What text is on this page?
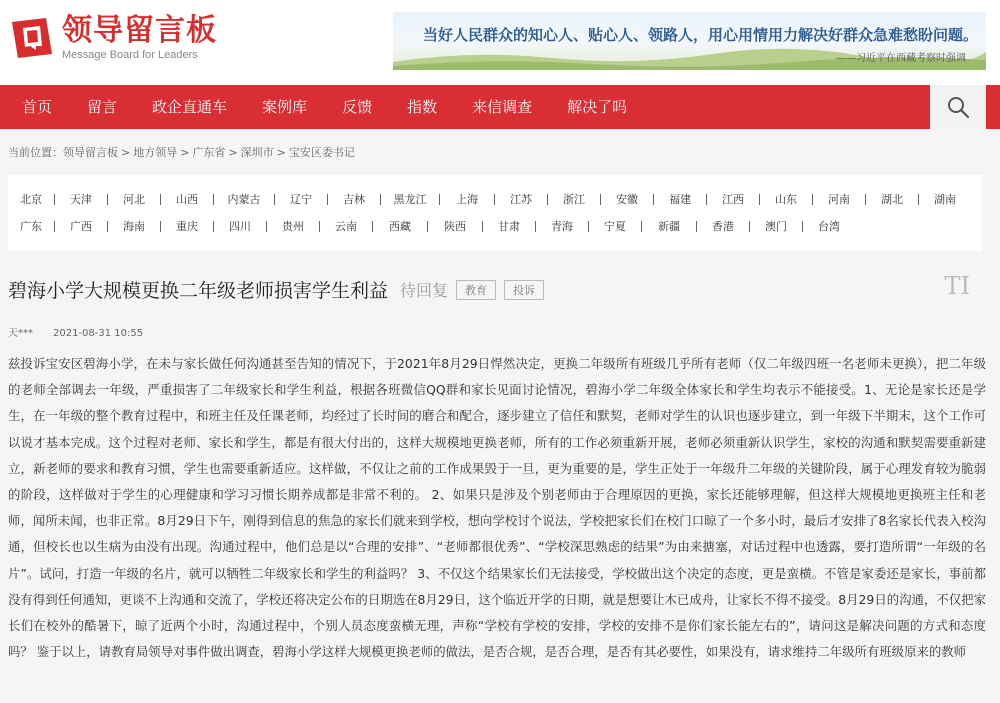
领导留言板
Message Board for Leaders
当好人民群众的知心人、贴心人、领路人，用心用情用力解决好群众急难愁盼问题。
——习近平在西藏考察时强调
首页	留言	政企直通车	案例库	反馈	指数	来信调查	解决了吗
当前位置：领导留言板 > 地方领导 > 广东省 > 深圳市 > 宝安区委书记
北京	天津	河北	山西	内蒙古	辽宁	吉林	黑龙江	上海	江苏	浙江	安徽	福建	江西	山东	河南	湖北	湖南
广东	广西	海南	重庆	四川	贵州	云南	西藏	陕西	甘肃	青海	宁夏	新疆	香港	澳门	台湾
碧海小学大规模更换二年级老师损害学生利益 待回复	教育	投诉	TI
天*** 2021-08-31 10:55
兹投诉宝安区碧海小学，在未与家长做任何沟通甚至告知的情况下，于2021年8月29日悍然决定，更换二年级所有班级几乎所有老师（仅二年级四班一名老师未更换），把二年级的老师全部调去一年级，严重损害了二年级家长和学生利益，根据各班微信QQ群和家长见面讨论情况，碧海小学二年级全体家长和学生均表示不能接受。1、无论是家长还是学生，在一年级的整个教育过程中，和班主任及任课老师，均经过了长时间的磨合和配合，逐步建立了信任和默契，老师对学生的认识也逐步建立，到一年级下半期末，这个工作可以说才基本完成。这个过程对老师、家长和学生，都是有很大付出的，这样大规模地更换老师，所有的工作必须重新开展，老师必须重新认识学生，家校的沟通和默契需要重新建立，新老师的要求和教育习惯，学生也需要重新适应。这样做，不仅让之前的工作成果毁于一旦，更为重要的是，学生正处于一年级升二年级的关键阶段，属于心理发育较为脆弱的阶段，这样做对于学生的心理健康和学习习惯长期养成都是非常不利的。 2、如果只是涉及个别老师由于合理原因的更换，家长还能够理解，但这样大规模地更换班主任和老师，闻所未闻，也非正常。8月29日下午，刚得到信息的焦急的家长们就来到学校，想向学校讨个说法，学校把家长们在校门口晾了一个多小时，最后才安排了8名家长代表入校沟通，但校长也以生病为由没有出现。沟通过程中，他们总是以“合理的安排”、“老师都很优秀”、“学校深思熟虑的结果”为由来搪塞，对话过程中也透露，要打造所谓“一年级的名片”。试问，打造一年级的名片，就可以牺牲二年级家长和学生的利益吗？ 3、不仅这个结果家长们无法接受，学校做出这个决定的态度，更是蛮横。不管是家委还是家长，事前都没有得到任何通知，更谈不上沟通和交流了，学校还将决定公布的日期选在8月29日，这个临近开学的日期，就是想要让木已成舟，让家长不得不接受。8月29日的沟通，不仅把家长们在校外的酷暑下，晾了近两个小时，沟通过程中，个别人员态度蛮横无理，声称“学校有学校的安排，学校的安排不是你们家长能左右的”，请问这是解决问题的方式和态度吗？ 鉴于以上，请教育局领导对事件做出调查，碧海小学这样大规模更换老师的做法，是否合规，是否合理，是否有其必要性，如果没有，请求维持二年级所有班级原来的教师
